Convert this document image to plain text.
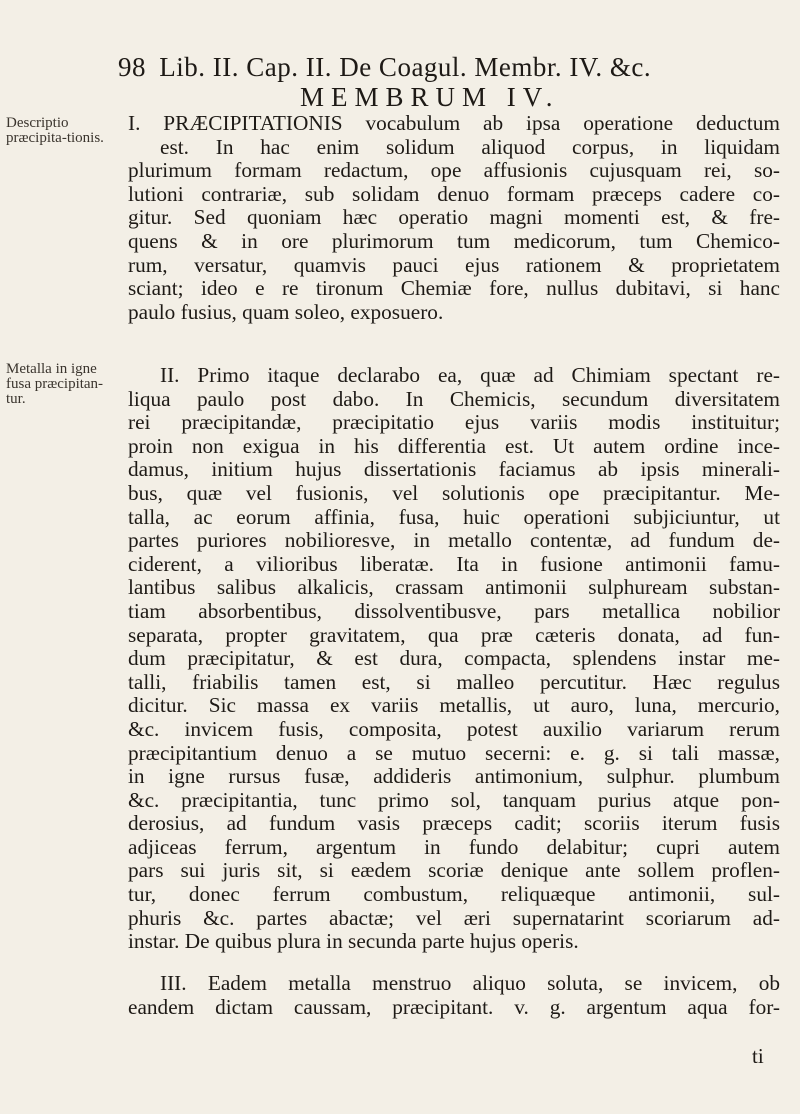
98 Lib. II. Cap. II. De Coagul. Membr. IV. &c.
MEMBRUM IV.
Descriptio præcipita-tionis.
Metalla in igne fusa præcipitan-tur.
I. PRÆCIPITATIONIS vocabulum ab ipsa operatione deductum
est. In hac enim solidum aliquod corpus, in liquidam
plurimum formam redactum, ope affusionis cujusquam rei, so-
lutioni contrariæ, sub solidam denuo formam præceps cadere co-
gitur. Sed quoniam hæc operatio magni momenti est, & fre-
quens & in ore plurimorum tum medicorum, tum Chemico-
rum, versatur, quamvis pauci ejus rationem & proprietatem
sciant; ideo e re tironum Chemiæ fore, nullus dubitavi, si hanc
paulo fusius, quam soleo, exposuero.
II. Primo itaque declarabo ea, quæ ad Chimiam spectant re-
liqua paulo post dabo. In Chemicis, secundum diversitatem
rei præcipitandæ, præcipitatio ejus variis modis instituitur;
proin non exigua in his differentia est. Ut autem ordine ince-
damus, initium hujus dissertationis faciamus ab ipsis minerali-
bus, quæ vel fusionis, vel solutionis ope præcipitantur. Me-
talla, ac eorum affinia, fusa, huic operationi subjiciuntur, ut
partes puriores nobilioresve, in metallo contentæ, ad fundum de-
ciderent, a vilioribus liberatæ. Ita in fusione antimonii famu-
lantibus salibus alkalicis, crassam antimonii sulphuream substan-
tiam absorbentibus, dissolventibusve, pars metallica nobilior
separata, propter gravitatem, qua præ cæteris donata, ad fun-
dum præcipitatur, & est dura, compacta, splendens instar me-
talli, friabilis tamen est, si malleo percutitur. Hæc regulus
dicitur. Sic massa ex variis metallis, ut auro, luna, mercurio,
&c. invicem fusis, composita, potest auxilio variarum rerum
præcipitantium denuo a se mutuo secerni: e. g. si tali massæ,
in igne rursus fusæ, addideris antimonium, sulphur. plumbum
&c. præcipitantia, tunc primo sol, tanquam purius atque pon-
derosius, ad fundum vasis præceps cadit; scoriis iterum fusis
adjiceas ferrum, argentum in fundo delabitur; cupri autem
pars sui juris sit, si eædem scoriæ denique ante sollem proflen-
tur, donec ferrum combustum, reliquæque antimonii, sul-
phuris &c. partes abactæ; vel æri supernatarint scoriarum ad-
instar. De quibus plura in secunda parte hujus operis.
III. Eadem metalla menstruo aliquo soluta, se invicem, ob
eandem dictam caussam, præcipitant. v. g. argentum aqua for-
ti
